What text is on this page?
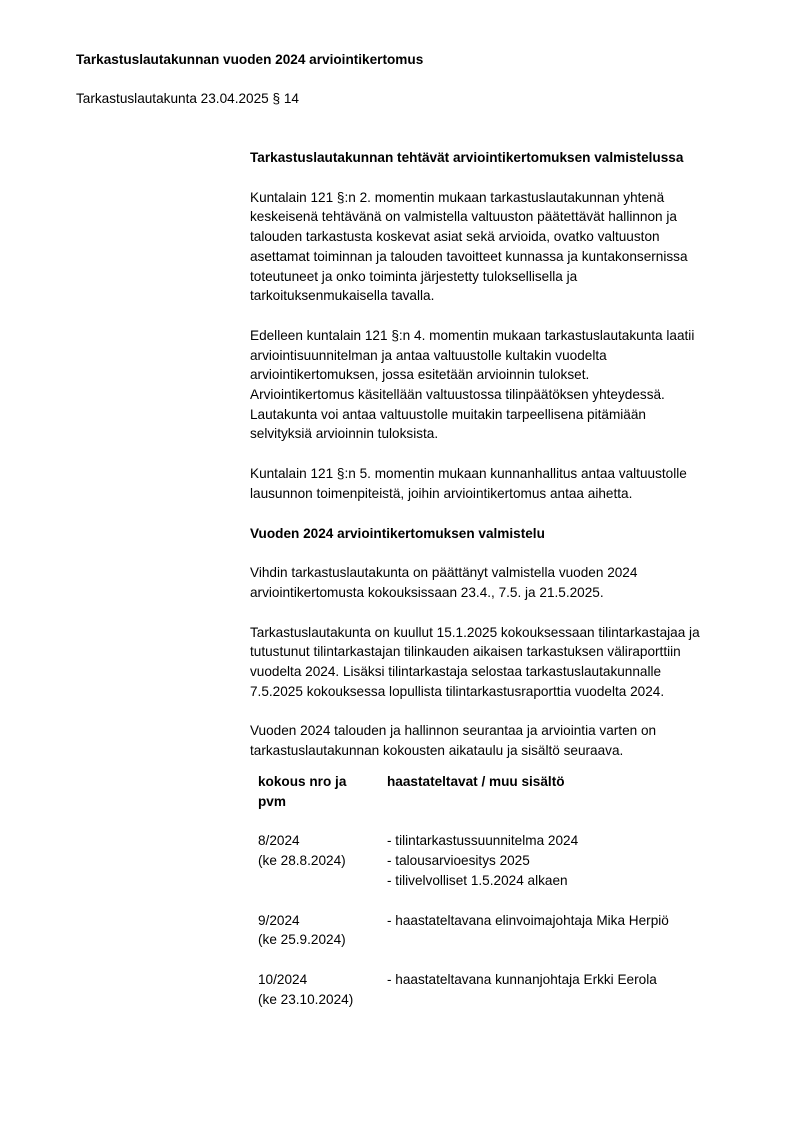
Tarkastuslautakunnan vuoden 2024 arviointikertomus
Tarkastuslautakunta 23.04.2025 § 14
Tarkastuslautakunnan tehtävät arviointikertomuksen valmistelussa

Kuntalain 121 §:n 2. momentin mukaan tarkastuslautakunnan yhtenä
keskeisenä tehtävänä on valmistella valtuuston päätettävät hallinnon ja
talouden tarkastusta koskevat asiat sekä arvioida, ovatko valtuuston
asettamat toiminnan ja talouden tavoitteet kunnassa ja kuntakonsernissa
toteutuneet ja onko toiminta järjestetty tuloksellisella ja
tarkoituksenmukaisella tavalla.

Edelleen kuntalain 121 §:n 4. momentin mukaan tarkastuslautakunta laatii
arviointisuunnitelman ja antaa valtuustolle kultakin vuodelta
arviointikertomuksen, jossa esitetään arvioinnin tulokset.
Arviointikertomus käsitellään valtuustossa tilinpäätöksen yhteydessä.
Lautakunta voi antaa valtuustolle muitakin tarpeellisena pitämiään
selvityksiä arvioinnin tuloksista.

Kuntalain 121 §:n 5. momentin mukaan kunnanhallitus antaa valtuustolle
lausunnon toimenpiteistä, joihin arviointikertomus antaa aihetta.

Vuoden 2024 arviointikertomuksen valmistelu

Vihdin tarkastuslautakunta on päättänyt valmistella vuoden 2024
arviointikertomusta kokouksissaan 23.4., 7.5. ja 21.5.2025.

Tarkastuslautakunta on kuullut 15.1.2025 kokouksessaan tilintarkastajaa ja
tutustunut tilintarkastajan tilinkauden aikaisen tarkastuksen väliraporttiin
vuodelta 2024. Lisäksi tilintarkastaja selostaa tarkastuslautakunnalle
7.5.2025 kokouksessa lopullista tilintarkastusraporttia vuodelta 2024.

Vuoden 2024 talouden ja hallinnon seurantaa ja arviointia varten on
tarkastuslautakunnan kokousten aikataulu ja sisältö seuraava.

kokous nro ja
pvm
haastateltavat / muu sisältö
8/2024
(ke 28.8.2024)
- tilintarkastussuunnitelma 2024
- talousarvioesitys 2025
- tilivelvolliset 1.5.2024 alkaen
9/2024
(ke 25.9.2024)
- haastateltavana elinvoimajohtaja Mika Herpiö
10/2024
(ke 23.10.2024)
- haastateltavana kunnanjohtaja Erkki Eerola
